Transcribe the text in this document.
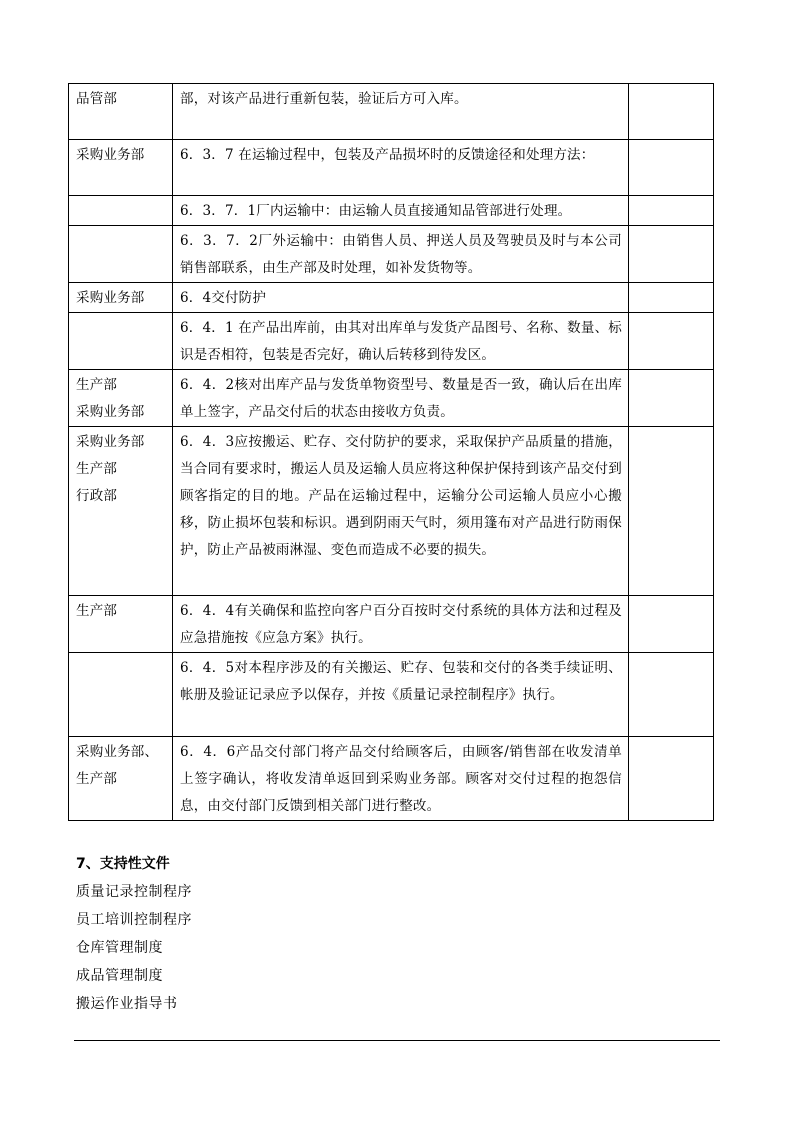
品管部	部，对该产品进行重新包装，验证后方可入库。	

采购业务部	6．3．7 在运输过程中，包装及产品损坏时的反馈途径和处理方法：	
	6．3．7．1厂内运输中：由运输人员直接通知品管部进行处理。	
	6．3．7．2厂外运输中：由销售人员、押送人员及驾驶员及时与本公司销售部联系，由生产部及时处理，如补发货物等。	

采购业务部	6．4交付防护	
	6．4．1 在产品出库前，由其对出库单与发货产品图号、名称、数量、标识是否相符，包装是否完好，确认后转移到待发区。	

生产部
采购业务部	6．4．2核对出库产品与发货单物资型号、数量是否一致，确认后在出库单上签字，产品交付后的状态由接收方负责。	

采购业务部
生产部
行政部	6．4．3应按搬运、贮存、交付防护的要求，采取保护产品质量的措施，当合同有要求时，搬运人员及运输人员应将这种保护保持到该产品交付到顾客指定的目的地。产品在运输过程中，运输分公司运输人员应小心搬移，防止损坏包装和标识。遇到阴雨天气时，须用篷布对产品进行防雨保护，防止产品被雨淋湿、变色而造成不必要的损失。	

生产部	6．4．4有关确保和监控向客户百分百按时交付系统的具体方法和过程及应急措施按《应急方案》执行。	
	6．4．5对本程序涉及的有关搬运、贮存、包装和交付的各类手续证明、帐册及验证记录应予以保存，并按《质量记录控制程序》执行。	

采购业务部、
生产部	6．4．6产品交付部门将产品交付给顾客后，由顾客/销售部在收发清单上签字确认，将收发清单返回到采购业务部。顾客对交付过程的抱怨信息，由交付部门反馈到相关部门进行整改。	

7、支持性文件

质量记录控制程序
员工培训控制程序
仓库管理制度
成品管理制度
搬运作业指导书
